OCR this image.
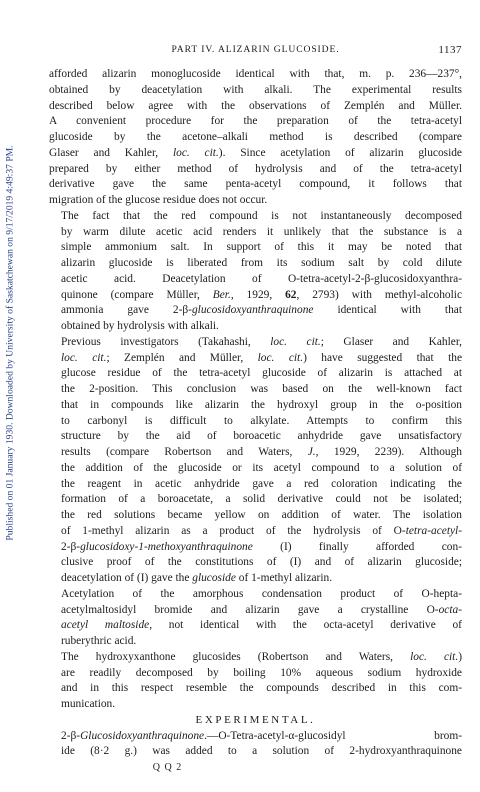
Published on 01 January 1930. Downloaded by University of Saskatchewan on 9/17/2019 4:49:37 PM.
PART IV. ALIZARIN GLUCOSIDE.	1137

afforded alizarin monoglucoside identical with that, m. p. 236—237°,
obtained by deacetylation with alkali. The experimental results
described below agree with the observations of Zemplén and Müller.
A convenient procedure for the preparation of the tetra-acetyl
glucoside by the acetone–alkali method is described (compare
Glaser and Kahler, loc. cit.). Since acetylation of alizarin glucoside
prepared by either method of hydrolysis and of the tetra-acetyl
derivative gave the same penta-acetyl compound, it follows that
migration of the glucose residue does not occur.

The fact that the red compound is not instantaneously decomposed
by warm dilute acetic acid renders it unlikely that the substance is a
simple ammonium salt. In support of this it may be noted that
alizarin glucoside is liberated from its sodium salt by cold dilute
acetic acid. Deacetylation of O-tetra-acetyl-2-β-glucosidoxyanthra-
quinone (compare Müller, Ber., 1929, 62, 2793) with methyl-alcoholic
ammonia gave 2-β-glucosidoxyanthraquinone identical with that
obtained by hydrolysis with alkali.

Previous investigators (Takahashi, loc. cit.; Glaser and Kahler,
loc. cit.; Zemplén and Müller, loc. cit.) have suggested that the
glucose residue of the tetra-acetyl glucoside of alizarin is attached at
the 2-position. This conclusion was based on the well-known fact
that in compounds like alizarin the hydroxyl group in the o-position
to carbonyl is difficult to alkylate. Attempts to confirm this
structure by the aid of boroacetic anhydride gave unsatisfactory
results (compare Robertson and Waters, J., 1929, 2239). Although
the addition of the glucoside or its acetyl compound to a solution of
the reagent in acetic anhydride gave a red coloration indicating the
formation of a boroacetate, a solid derivative could not be isolated;
the red solutions became yellow on addition of water. The isolation
of 1-methyl alizarin as a product of the hydrolysis of O-tetra-acetyl-
2-β-glucosidoxy-1-methoxyanthraquinone (I) finally afforded con-
clusive proof of the constitutions of (I) and of alizarin glucoside;
deacetylation of (I) gave the glucoside of 1-methyl alizarin.

Acetylation of the amorphous condensation product of O-hepta-
acetylmaltosidyl bromide and alizarin gave a crystalline O-octa-
acetyl maltoside, not identical with the octa-acetyl derivative of
ruberythric acid.

The hydroxyxanthone glucosides (Robertson and Waters, loc. cit.)
are readily decomposed by boiling 10% aqueous sodium hydroxide
and in this respect resemble the compounds described in this com-
munication.

EXPERIMENTAL.

2-β-Glucosidoxyanthraquinone.—O-Tetra-acetyl-α-glucosidyl brom-
ide (8·2 g.) was added to a solution of 2-hydroxyanthraquinone

Q Q 2
